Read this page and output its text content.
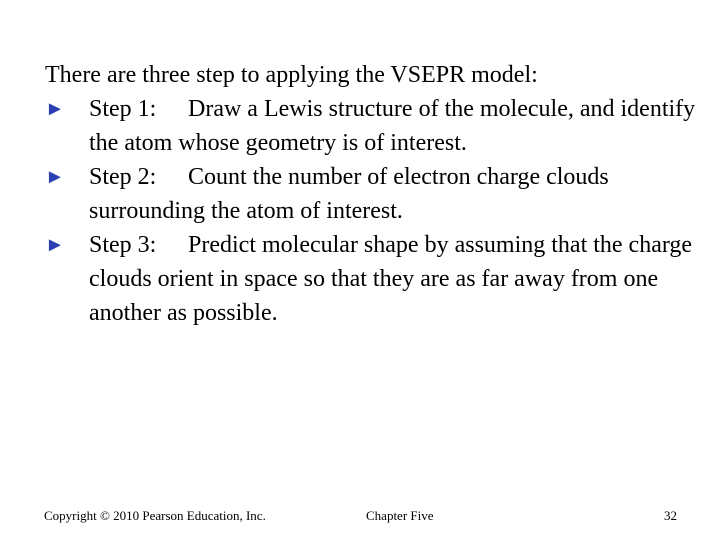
There are three step to applying the VSEPR model:

► Step 1: Draw a Lewis structure of the molecule, and identify the atom whose geometry is of interest.
► Step 2: Count the number of electron charge clouds surrounding the atom of interest.
► Step 3: Predict molecular shape by assuming that the charge clouds orient in space so that they are as far away from one another as possible.
Copyright © 2010 Pearson Education, Inc.	Chapter Five	32
